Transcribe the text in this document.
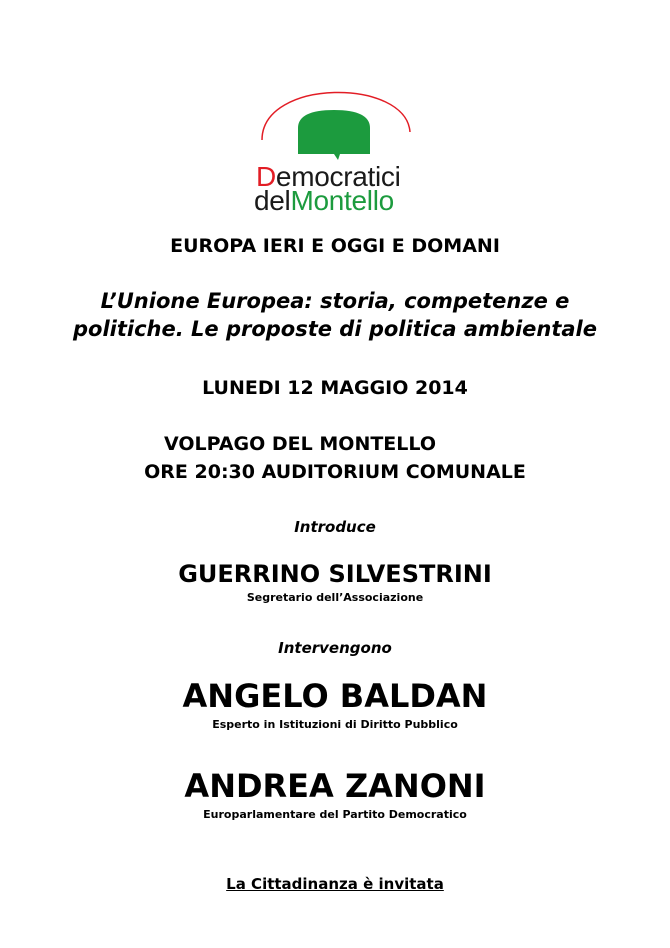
Democratici
delMontello
EUROPA IERI E OGGI E DOMANI
L’Unione Europea: storia, competenze e
politiche. Le proposte di politica ambientale
LUNEDI 12 MAGGIO 2014
VOLPAGO DEL MONTELLO
ORE 20:30 AUDITORIUM COMUNALE
Introduce
GUERRINO SILVESTRINI
Segretario dell’Associazione
Intervengono
ANGELO BALDAN
Esperto in Istituzioni di Diritto Pubblico
ANDREA ZANONI
Europarlamentare del Partito Democratico
La Cittadinanza è invitata
